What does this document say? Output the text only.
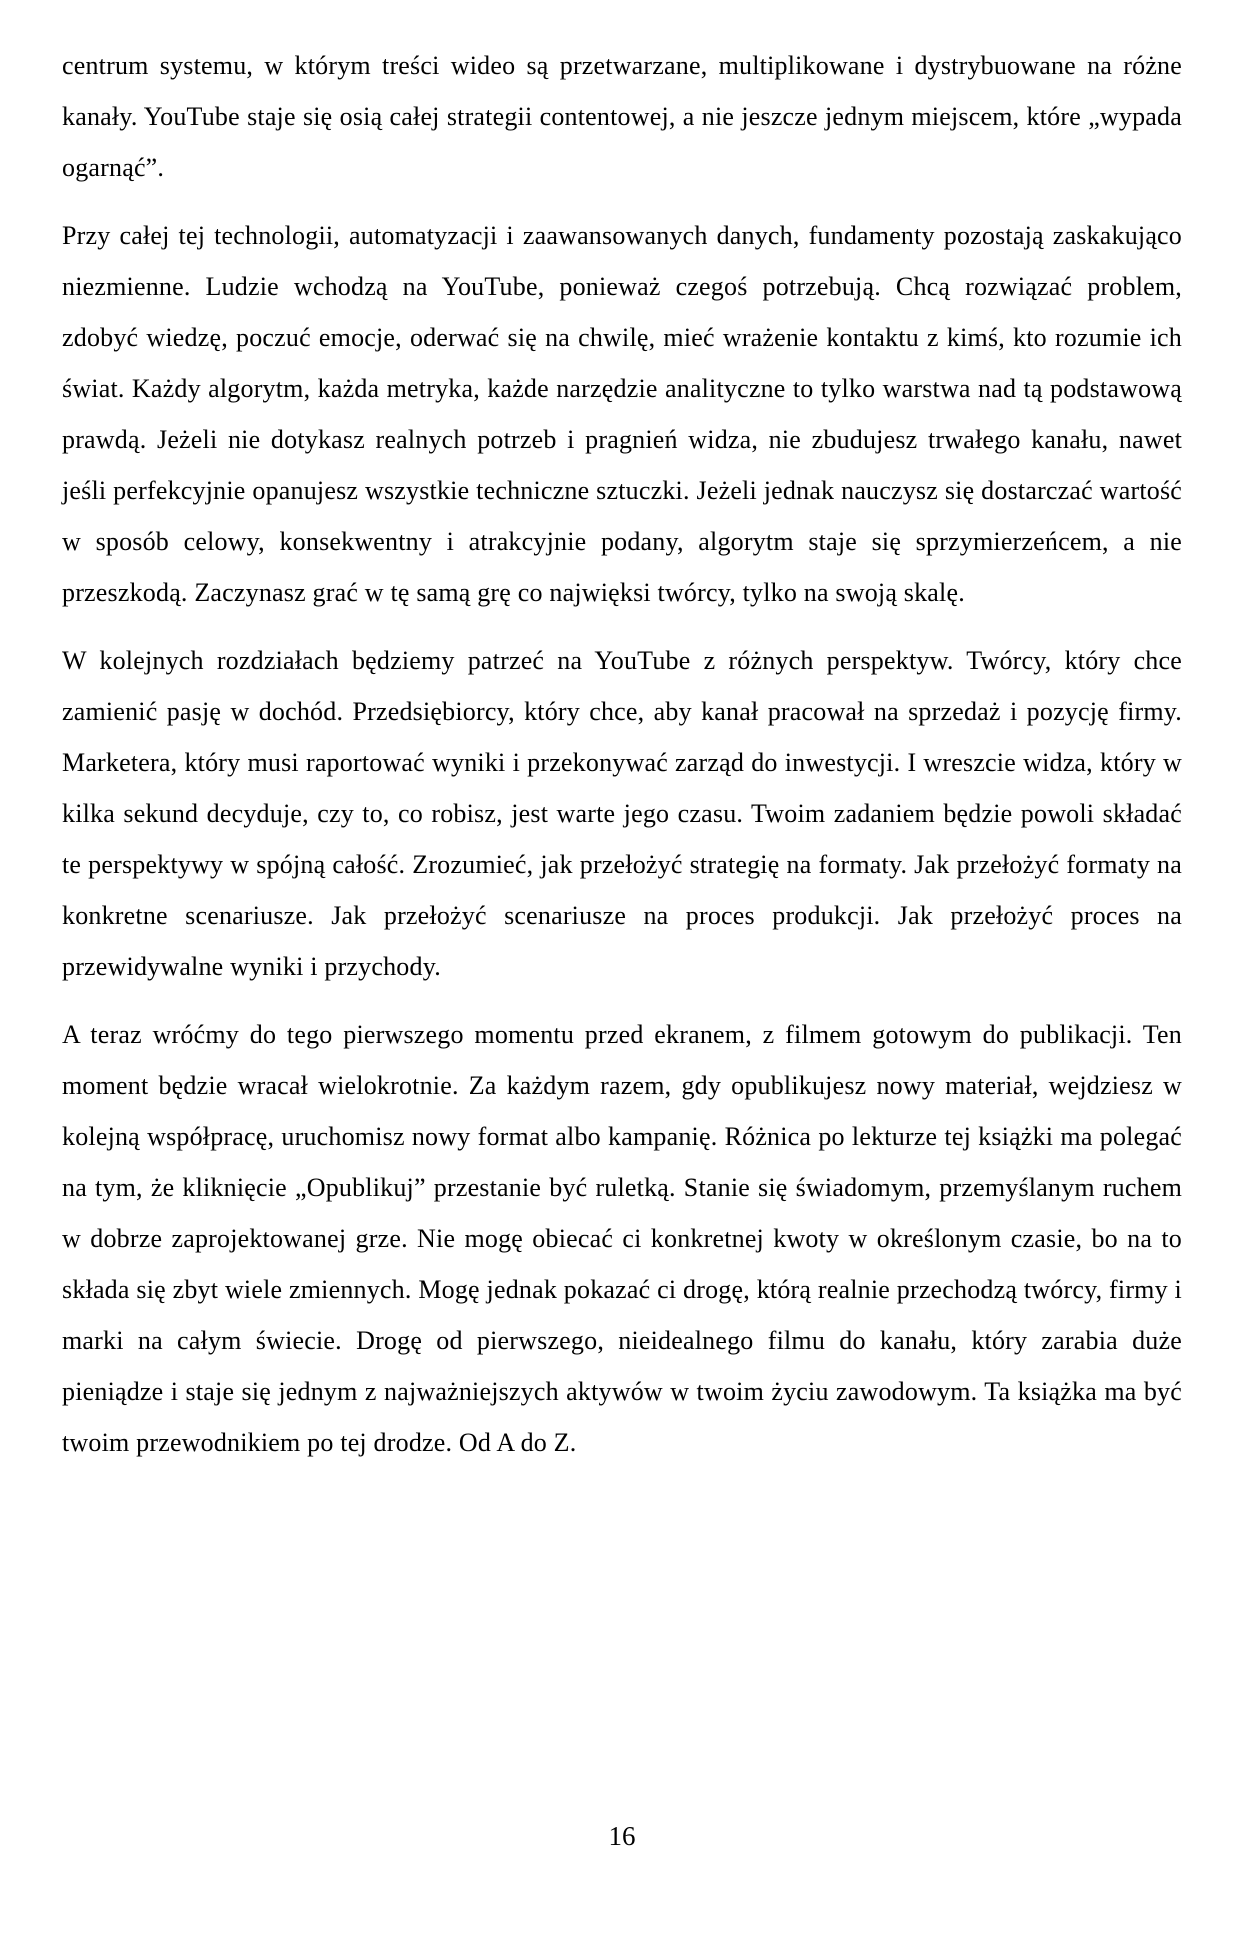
centrum systemu, w którym treści wideo są przetwarzane, multiplikowane i dystrybuowane na różne kanały. YouTube staje się osią całej strategii contentowej, a nie jeszcze jednym miejscem, które „wypada ogarnąć”.

Przy całej tej technologii, automatyzacji i zaawansowanych danych, fundamenty pozostają zaskakująco niezmienne. Ludzie wchodzą na YouTube, ponieważ czegoś potrzebują. Chcą rozwiązać problem, zdobyć wiedzę, poczuć emocje, oderwać się na chwilę, mieć wrażenie kontaktu z kimś, kto rozumie ich świat. Każdy algorytm, każda metryka, każde narzędzie analityczne to tylko warstwa nad tą podstawową prawdą. Jeżeli nie dotykasz realnych potrzeb i pragnień widza, nie zbudujesz trwałego kanału, nawet jeśli perfekcyjnie opanujesz wszystkie techniczne sztuczki. Jeżeli jednak nauczysz się dostarczać wartość w sposób celowy, konsekwentny i atrakcyjnie podany, algorytm staje się sprzymierzeńcem, a nie przeszkodą. Zaczynasz grać w tę samą grę co najwięksi twórcy, tylko na swoją skalę.

W kolejnych rozdziałach będziemy patrzeć na YouTube z różnych perspektyw. Twórcy, który chce zamienić pasję w dochód. Przedsiębiorcy, który chce, aby kanał pracował na sprzedaż i pozycję firmy. Marketera, który musi raportować wyniki i przekonywać zarząd do inwestycji. I wreszcie widza, który w kilka sekund decyduje, czy to, co robisz, jest warte jego czasu. Twoim zadaniem będzie powoli składać te perspektywy w spójną całość. Zrozumieć, jak przełożyć strategię na formaty. Jak przełożyć formaty na konkretne scenariusze. Jak przełożyć scenariusze na proces produkcji. Jak przełożyć proces na przewidywalne wyniki i przychody.

A teraz wróćmy do tego pierwszego momentu przed ekranem, z filmem gotowym do publikacji. Ten moment będzie wracał wielokrotnie. Za każdym razem, gdy opublikujesz nowy materiał, wejdziesz w kolejną współpracę, uruchomisz nowy format albo kampanię. Różnica po lekturze tej książki ma polegać na tym, że kliknięcie „Opublikuj” przestanie być ruletką. Stanie się świadomym, przemyślanym ruchem w dobrze zaprojektowanej grze. Nie mogę obiecać ci konkretnej kwoty w określonym czasie, bo na to składa się zbyt wiele zmiennych. Mogę jednak pokazać ci drogę, którą realnie przechodzą twórcy, firmy i marki na całym świecie. Drogę od pierwszego, nieidealnego filmu do kanału, który zarabia duże pieniądze i staje się jednym z najważniejszych aktywów w twoim życiu zawodowym. Ta książka ma być twoim przewodnikiem po tej drodze. Od A do Z.

16
